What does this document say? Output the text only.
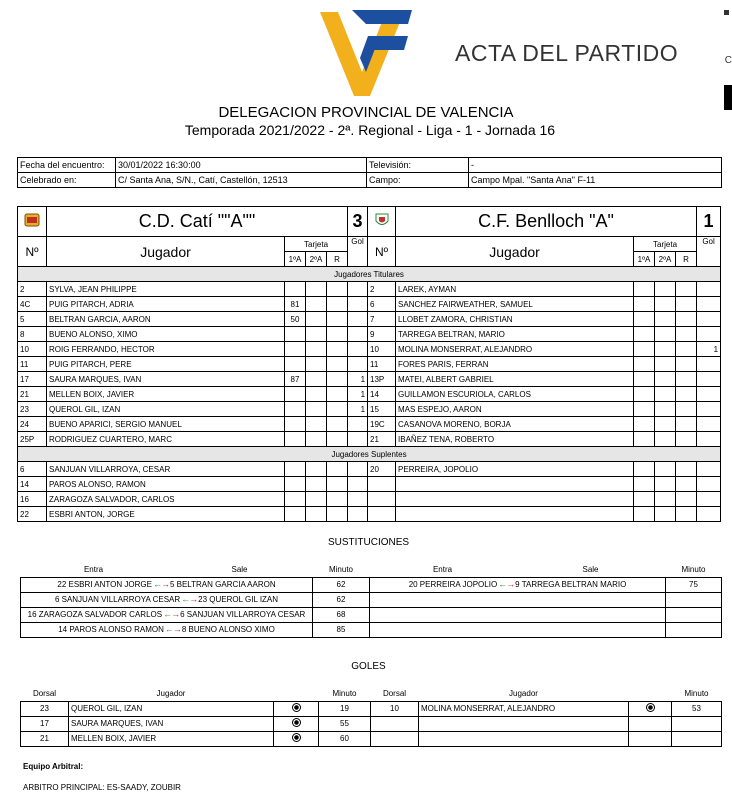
C
ACTA DEL PARTIDO
DELEGACION PROVINCIAL DE VALENCIA
Temporada 2021/2022 - 2ª. Regional - Liga - 1 - Jornada 16
Fecha del encuentro:	30/01/2022 16:30:00	Televisión:	-
Celebrado en:	C/ Santa Ana, S/N., Catí, Castellón, 12513	Campo:	Campo Mpal. "Santa Ana" F-11
	C.D. Catí ""A""				3		C.F. Benlloch "A"				1
Nº	Jugador	Tarjeta			Gol	Nº	Jugador	Tarjeta			Gol
		1ºA	2ºA	R				1ºA	2ºA	R	
Jugadores Titulares											
2	SYLVA, JEAN PHILIPPE					2	LAREK, AYMAN				
4C	PUIG PITARCH, ADRIA	81				6	SANCHEZ FAIRWEATHER, SAMUEL				
5	BELTRAN GARCIA, AARON	50				7	LLOBET ZAMORA, CHRISTIAN				
8	BUENO ALONSO, XIMO					9	TARREGA BELTRAN, MARIO				
10	ROIG FERRANDO, HECTOR					10	MOLINA MONSERRAT, ALEJANDRO				1
11	PUIG PITARCH, PERE					11	FORES PARIS, FERRAN				
17	SAURA MARQUES, IVAN	87			1	13P	MATEI, ALBERT GABRIEL				
21	MELLEN BOIX, JAVIER				1	14	GUILLAMON ESCURIOLA, CARLOS				
23	QUEROL GIL, IZAN				1	15	MAS ESPEJO, AARON				
24	BUENO APARICI, SERGIO MANUEL					19C	CASANOVA MORENO, BORJA				
25P	RODRIGUEZ CUARTERO, MARC					21	IBAÑEZ TENA, ROBERTO				
Jugadores Suplentes											
6	SANJUAN VILLARROYA, CESAR					20	PERREIRA, JOPOLIO				
14	PAROS ALONSO, RAMON										
16	ZARAGOZA SALVADOR, CARLOS										
22	ESBRI ANTON, JORGE										
SUSTITUCIONES
Entra	Sale	Minuto	Entra	Sale	Minuto

22 ESBRI ANTON JORGE←→5 BELTRAN GARCIA AARON		62	20 PERREIRA JOPOLIO←→9 TARREGA BELTRAN MARIO		75

6 SANJUAN VILLARROYA CESAR←→23 QUEROL GIL IZAN		62			

16 ZARAGOZA SALVADOR CARLOS←→6 SANJUAN VILLARROYA CESAR		68			

14 PAROS ALONSO RAMON←→8 BUENO ALONSO XIMO		85			
GOLES
Dorsal	Jugador		Minuto	Dorsal	Jugador		Minuto
23	QUEROL GIL, IZAN		19	10	MOLINA MONSERRAT, ALEJANDRO		53
17	SAURA MARQUES, IVAN		55				
21	MELLEN BOIX, JAVIER		60				
Equipo Arbitral:
ARBITRO PRINCIPAL: ES-SAADY, ZOUBIR
